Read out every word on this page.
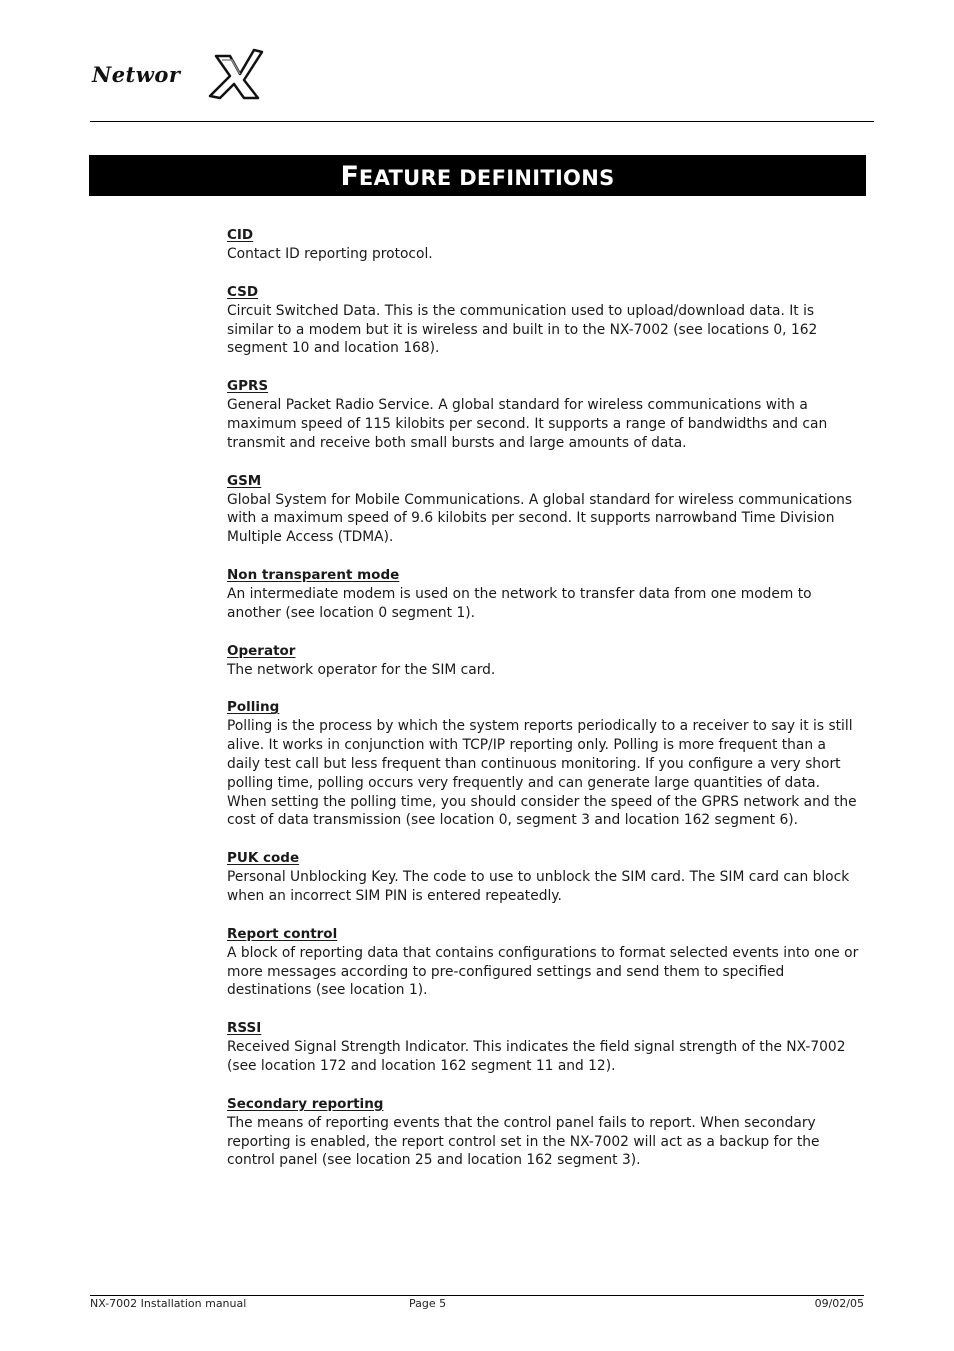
Networ
FEATURE DEFINITIONS
CID
Contact ID reporting protocol.
CSD
Circuit Switched Data. This is the communication used to upload/download data. It is similar to a modem but it is wireless and built in to the NX-7002 (see locations 0, 162 segment 10 and location 168).
GPRS
General Packet Radio Service. A global standard for wireless communications with a maximum speed of 115 kilobits per second. It supports a range of bandwidths and can transmit and receive both small bursts and large amounts of data.
GSM
Global System for Mobile Communications. A global standard for wireless communications with a maximum speed of 9.6 kilobits per second. It supports narrowband Time Division Multiple Access (TDMA).
Non transparent mode
An intermediate modem is used on the network to transfer data from one modem to another (see location 0 segment 1).
Operator
The network operator for the SIM card.
Polling
Polling is the process by which the system reports periodically to a receiver to say it is still alive. It works in conjunction with TCP/IP reporting only. Polling is more frequent than a daily test call but less frequent than continuous monitoring. If you configure a very short polling time, polling occurs very frequently and can generate large quantities of data. When setting the polling time, you should consider the speed of the GPRS network and the cost of data transmission (see location 0, segment 3 and location 162 segment 6).
PUK code
Personal Unblocking Key. The code to use to unblock the SIM card. The SIM card can block when an incorrect SIM PIN is entered repeatedly.
Report control
A block of reporting data that contains configurations to format selected events into one or more messages according to pre-configured settings and send them to specified destinations (see location 1).
RSSI
Received Signal Strength Indicator. This indicates the field signal strength of the NX-7002 (see location 172 and location 162 segment 11 and 12).
Secondary reporting
The means of reporting events that the control panel fails to report. When secondary reporting is enabled, the report control set in the NX-7002 will act as a backup for the control panel (see location 25 and location 162 segment 3).
NX-7002 Installation manual	Page 5	09/02/05
